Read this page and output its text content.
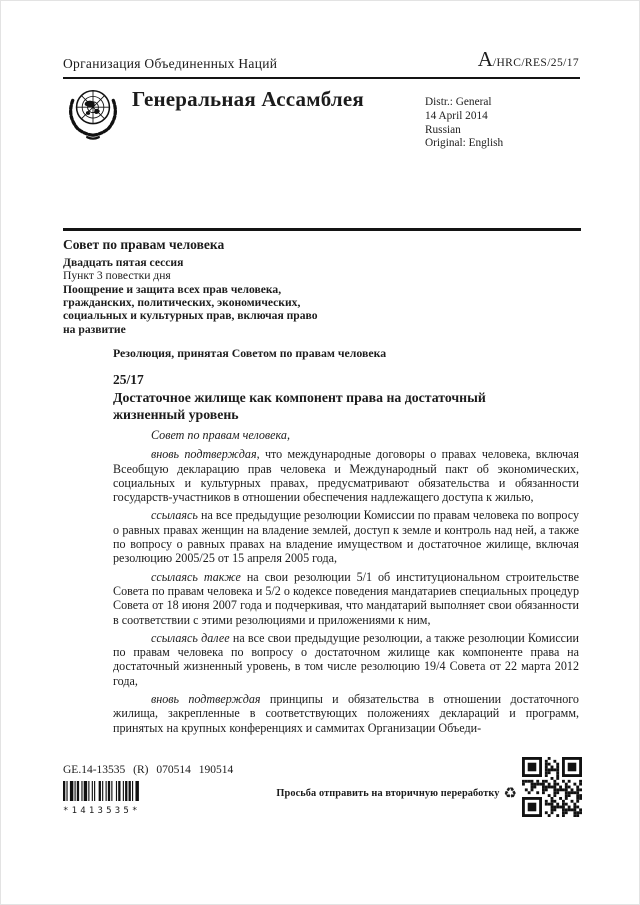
Организация Объединенных Наций	A/HRC/RES/25/17
Генеральная Ассамблея	Distr.: General
14 April 2014
Russian
Original: English
Совет по правам человека
Двадцать пятая сессия
Пункт 3 повестки дня
Поощрение и защита всех прав человека, гражданских, политических, экономических, социальных и культурных прав, включая право на развитие
Резолюция, принятая Советом по правам человека
25/17
Достаточное жилище как компонент права на достаточный жизненный уровень

Совет по правам человека,

вновь подтверждая, что международные договоры о правах человека, включая Всеобщую декларацию прав человека и Международный пакт об экономических, социальных и культурных правах, предусматривают обязательства и обязанности государств-участников в отношении обеспечения надлежащего доступа к жилью,

ссылаясь на все предыдущие резолюции Комиссии по правам человека по вопросу о равных правах женщин на владение землей, доступ к земле и контроль над ней, а также по вопросу о равных правах на владение имуществом и достаточное жилище, включая резолюцию 2005/25 от 15 апреля 2005 года,

ссылаясь также на свои резолюции 5/1 об институциональном строительстве Совета по правам человека и 5/2 о кодексе поведения мандатариев специальных процедур Совета от 18 июня 2007 года и подчеркивая, что мандатарий выполняет свои обязанности в соответствии с этими резолюциями и приложениями к ним,

ссылаясь далее на все свои предыдущие резолюции, а также резолюции Комиссии по правам человека по вопросу о достаточном жилище как компоненте права на достаточный жизненный уровень, в том числе резолюцию 19/4 Совета от 22 марта 2012 года,

вновь подтверждая принципы и обязательства в отношении достаточного жилища, закрепленные в соответствующих положениях деклараций и программ, принятых на крупных конференциях и саммитах Организации Объеди-

GE.14-13535 (R) 070514 190514
*1413535*
Просьба отправить на вторичную переработку ♻
